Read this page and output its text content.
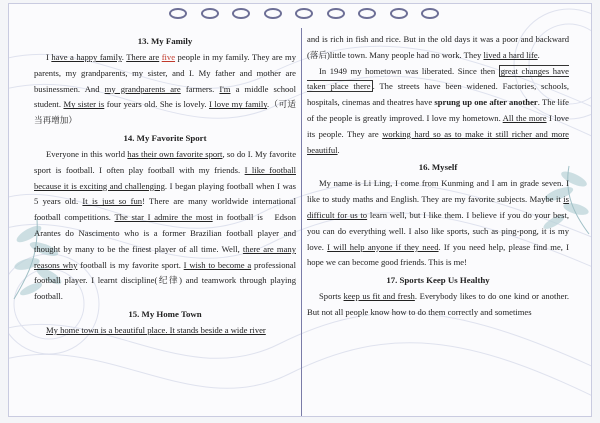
13. My Family

I have a happy family. There are five people in my family. They are my parents, my grandparents, my sister, and I. My father and mother are businessmen. And my grandparents are farmers. I'm a middle school student. My sister is four years old. She is lovely. I love my family.（可适当再增加）

14. My Favorite Sport

Everyone in this world has their own favorite sport, so do I. My favorite sport is football. I often play football with my friends. I like football because it is exciting and challenging. I began playing football when I was 5 years old. It is just so fun! There are many worldwide international football competitions. The star I admire the most in football is　Edson Arantes do Nascimento who is a former Brazilian football player and thought by many to be the finest player of all time. Well, there are many reasons why football is my favorite sport. I wish to become a professional football player. I learnt discipline(纪律) and teamwork through playing football.

15. My Home Town

My home town is a beautiful place. It stands beside a wide river

and is rich in fish and rice. But in the old days it was a poor and backward (落后)little town. Many people had no work. They lived a hard life.

In 1949 my hometown was liberated. Since then great changes have taken place there . The streets have been widened. Factories, schools, hospitals, cinemas and theatres have sprung up one after another. The life of the people is greatly improved. I love my hometown. All the more I love its people. They are working hard so as to make it still richer and more beautiful.

16. Myself

My name is Li Ling, I come from Kunming and I am in grade seven. I like to study maths and English. They are my favorite subjects. Maybe it is difficult for us to learn well, but I like them. I believe if you do your best, you can do everything well. I also like sports, such as ping-pong, it is my love. I will help anyone if they need. If you need help, please find me, I hope we can become good friends. This is me!

17. Sports Keep Us Healthy

Sports keep us fit and fresh. Everybody likes to do one kind or another. But not all people know how to do them correctly and sometimes
